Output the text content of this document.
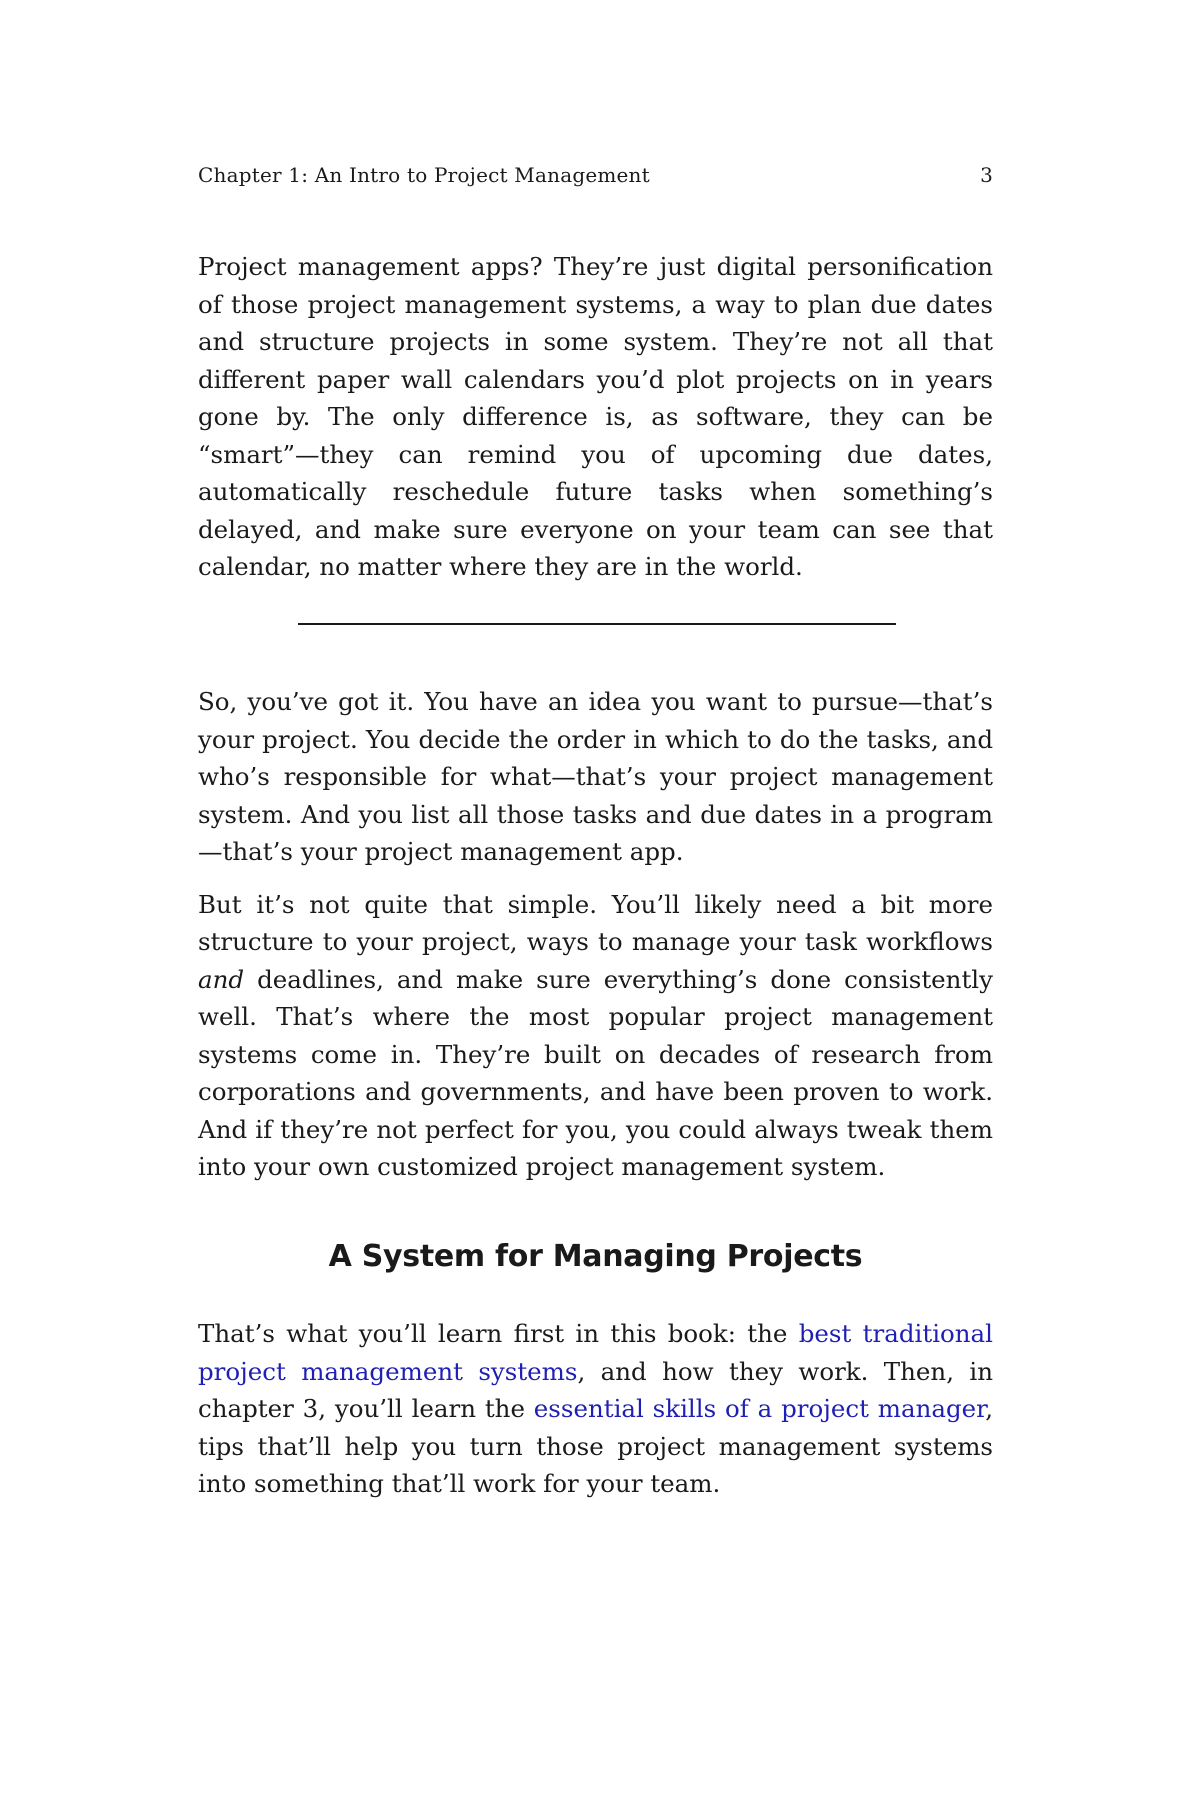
Chapter 1: An Intro to Project Management	3

Project management apps? They’re just digital personification of those project management systems, a way to plan due dates and structure projects in some system. They’re not all that different paper wall calendars you’d plot projects on in years gone by. The only difference is, as software, they can be “smart”—they can remind you of upcoming due dates, automatically reschedule future tasks when something’s delayed, and make sure everyone on your team can see that calendar, no matter where they are in the world.

So, you’ve got it. You have an idea you want to pursue—that’s your project. You decide the order in which to do the tasks, and who’s responsible for what—that’s your project management system. And you list all those tasks and due dates in a program—that’s your project management app.

But it’s not quite that simple. You’ll likely need a bit more structure to your project, ways to manage your task workflows and deadlines, and make sure everything’s done consistently well. That’s where the most popular project management systems come in. They’re built on decades of research from corporations and governments, and have been proven to work. And if they’re not perfect for you, you could always tweak them into your own customized project management system.

A System for Managing Projects

That’s what you’ll learn first in this book: the best traditional project management systems, and how they work. Then, in chapter 3, you’ll learn the essential skills of a project manager, tips that’ll help you turn those project management systems into something that’ll work for your team.
